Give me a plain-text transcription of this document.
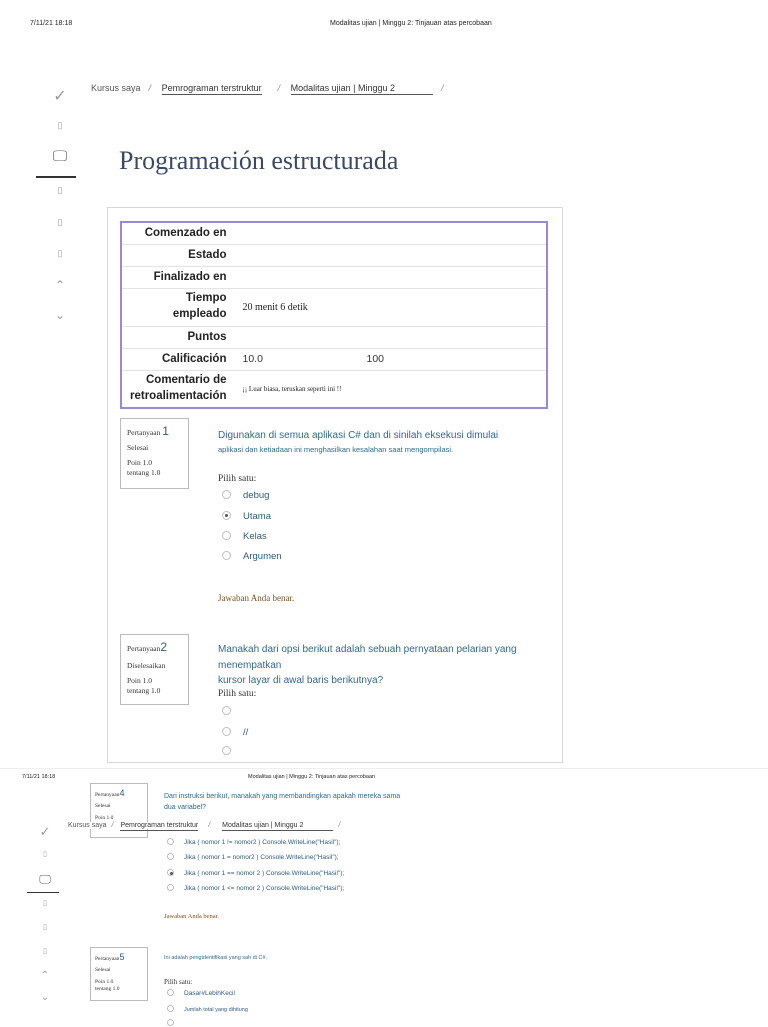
7/11/21 18:18	Modalitas ujian | Minggu 2: Tinjauan atas percobaan
✓
▯
🖵
▯
▯
▯
⌃
⌄
Kursus saya / Pemrograman terstruktur / Modalitas ujian | Minggu 2	/
Programación estructurada
Comenzado en	
Estado	
Finalizado en	
Tiempo empleado	20 menit 6 detik
Puntos	
Calificación	10.0 100
Comentario de retroalimentación	¡¡ Luar biasa, teruskan seperti ini !!
Pertanyaan 1
Selesai
Poin 1.0
tentang 1.0
Digunakan di semua aplikasi C# dan di sinilah eksekusi dimulai
aplikasi dan ketiadaan ini menghasilkan kesalahan saat mengompilasi.
Pilih satu:
debug
Utama
Kelas
Argumen
Jawaban Anda benar.
Pertanyaan2
Diselesaikan
Poin 1.0
tentang 1.0
Manakah dari opsi berikut adalah sebuah pernyataan pelarian yang menempatkan
kursor layar di awal baris berikutnya?
Pilih satu:
//
7/11/21 18:18	Modalitas ujian | Minggu 2: Tinjauan atas percobaan
✓
▯
🖵
▯
▯
▯
⌃
⌄
Pertanyaan4
Selesai
Poin 1.0
Dari instruksi berikut, manakah yang membandingkan apakah mereka sama
dua variabel?
Kursus saya / Pemrograman terstruktur / Modalitas ujian | Minggu 2	/
Jika ( nomor 1 != nomor2 ) Console.WriteLine("Hasil");
Jika ( nomor 1 = nomor2 ) Console.WriteLine("Hasil");
Jika ( nomor 1 == nomor 2 ) Console.WriteLine("Hasil");
Jika ( nomor 1 <= nomor 2 ) Console.WriteLine("Hasil");
Jawaban Anda benar.
Pertanyaan5
Selesai
Poin 1.0
tentang 1.0
Ini adalah pengidentifikasi yang sah di C#.
Pilih satu:
Dasar#LebihKecil
Jumlah total yang dihitung
